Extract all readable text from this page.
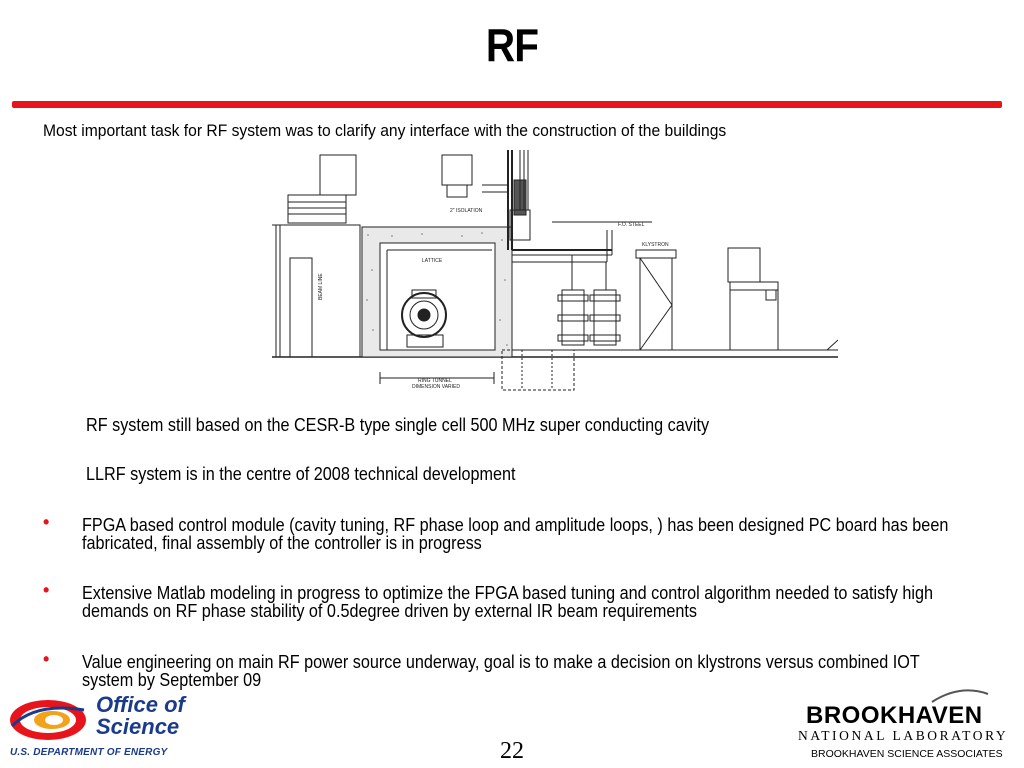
RF
Most important task for RF system was to clarify any interface with the construction of the buildings
2" ISOLATION
LATTICE
KLYSTRON
RING TUNNEL
DIMENSION VARIED
F.O. STEEL
BEAM LINE
RF system still based on the CESR-B type single cell 500 MHz super conducting cavity
LLRF system is in the centre of 2008 technical development
• FPGA based control module (cavity tuning, RF phase loop and amplitude loops, ) has been designed PC board has been fabricated, final assembly of the controller is in progress
• Extensive Matlab modeling in progress to optimize the FPGA based tuning and control algorithm needed to satisfy high demands on RF phase stability of 0.5degree driven by external IR beam requirements
• Value engineering on main RF power source underway, goal is to make a decision on klystrons versus combined IOT system by September 09
Office of
Science
U.S. DEPARTMENT OF ENERGY	22
BROOKHAVEN
NATIONAL LABORATORY
BROOKHAVEN SCIENCE ASSOCIATES
